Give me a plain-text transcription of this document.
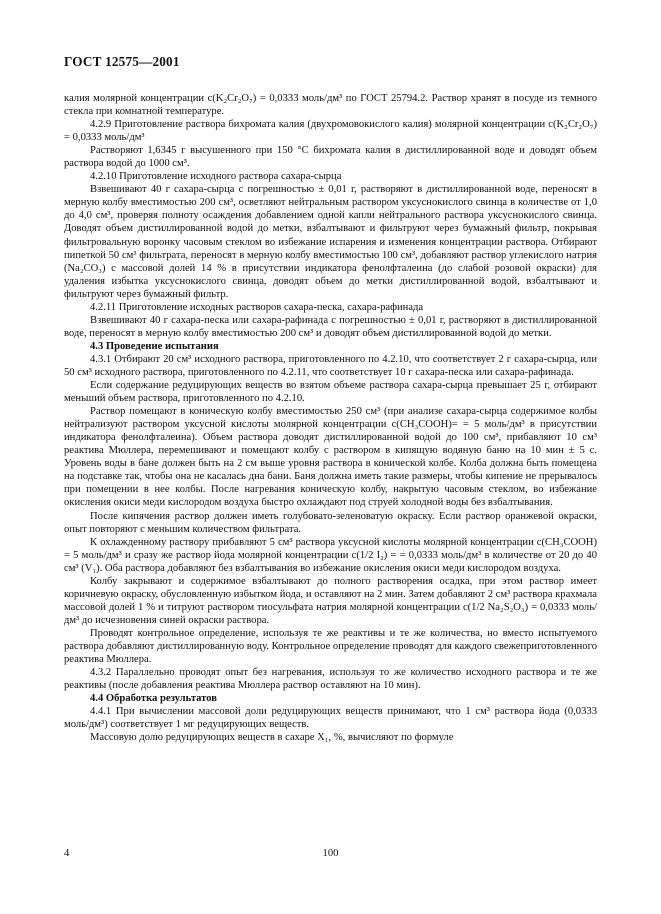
ГОСТ 12575—2001

калия молярной концентрации c(K₂Cr₂O₇) = 0,0333 моль/дм³ по ГОСТ 25794.2. Раствор хранят в посуде из темного стекла при комнатной температуре.

4.2.9 Приготовление раствора бихромата калия (двухромовокислого калия) молярной концентрации c(K₂Cr₂O₇) = 0,0333 моль/дм³

Растворяют 1,6345 г высушенного при 150 °С бихромата калия в дистиллированной воде и доводят объем раствора водой до 1000 см³.

4.2.10 Приготовление исходного раствора сахара-сырца

Взвешивают 40 г сахара-сырца с погрешностью ± 0,01 г, растворяют в дистиллированной воде, переносят в мерную колбу вместимостью 200 см³, осветляют нейтральным раствором уксуснокислого свинца в количестве от 1,0 до 4,0 см³, проверяя полноту осаждения добавлением одной капли нейтрального раствора уксуснокислого свинца. Доводят объем дистиллированной водой до метки, взбалтывают и фильтруют через бумажный фильтр, покрывая фильтровальную воронку часовым стеклом во избежание испарения и изменения концентрации раствора. Отбирают пипеткой 50 см³ фильтрата, переносят в мерную колбу вместимостью 100 см³, добавляют раствор углекислого натрия (Na₂CO₃) с массовой долей 14 % в присутствии индикатора фенолфталеина (до слабой розовой окраски) для удаления избытка уксуснокислого свинца, доводят объем до метки дистиллированной водой, взбалтывают и фильтруют через бумажный фильтр.

4.2.11 Приготовление исходных растворов сахара-песка, сахара-рафинада

Взвешивают 40 г сахара-песка или сахара-рафинада с погрешностью ± 0,01 г, растворяют в дистиллированной воде, переносят в мерную колбу вместимостью 200 см³ и доводят объем дистиллированной водой до метки.

4.3 Проведение испытания

4.3.1 Отбирают 20 см³ исходного раствора, приготовленного по 4.2.10, что соответствует 2 г сахара-сырца, или 50 см³ исходного раствора, приготовленного по 4.2.11, что соответствует 10 г сахара-песка или сахара-рафинада.

Если содержание редуцирующих веществ во взятом объеме раствора сахара-сырца превышает 25 г, отбирают меньший объем раствора, приготовленного по 4.2.10.

Раствор помещают в коническую колбу вместимостью 250 см³ (при анализе сахара-сырца содержимое колбы нейтрализуют раствором уксусной кислоты молярной концентрации c(CH₃COOH)= = 5 моль/дм³ в присутствии индикатора фенолфталеина). Объем раствора доводят дистиллированной водой до 100 см³, прибавляют 10 см³ реактива Мюллера, перемешивают и помещают колбу с раствором в кипящую водяную баню на 10 мин ± 5 с. Уровень воды в бане должен быть на 2 см выше уровня раствора в конической колбе. Колба должна быть помещена на подставке так, чтобы она не касалась дна бани. Баня должна иметь такие размеры, чтобы кипение не прерывалось при помещении в нее колбы. После нагревания коническую колбу, накрытую часовым стеклом, во избежание окисления окиси меди кислородом воздуха быстро охлаждают под струей холодной воды без взбалтывания.

После кипячения раствор должен иметь голубовато-зеленоватую окраску. Если раствор оранжевой окраски, опыт повторяют с меньшим количеством фильтрата.

К охлажденному раствору прибавляют 5 см³ раствора уксусной кислоты молярной концентрации c(CH₃COOH) = 5 моль/дм³ и сразу же раствор йода молярной концентрации c(1/2 I₂) = = 0,0333 моль/дм³ в количестве от 20 до 40 см³ (V₁). Оба раствора добавляют без взбалтывания во избежание окисления окиси меди кислородом воздуха.

Колбу закрывают и содержимое взбалтывают до полного растворения осадка, при этом раствор имеет коричневую окраску, обусловленную избытком йода, и оставляют на 2 мин. Затем добавляют 2 см³ раствора крахмала массовой долей 1 % и титруют раствором тиосульфата натрия молярной концентрации c(1/2 Na₂S₂O₃) = 0,0333 моль/дм³ до исчезновения синей окраски раствора.

Проводят контрольное определение, используя те же реактивы и те же количества, но вместо испытуемого раствора добавляют дистиллированную воду. Контрольное определение проводят для каждого свежеприготовленного реактива Мюллера.

4.3.2 Параллельно проводят опыт без нагревания, используя то же количество исходного раствора и те же реактивы (после добавления реактива Мюллера раствор оставляют на 10 мин).

4.4 Обработка результатов

4.4.1 При вычислении массовой доли редуцирующих веществ принимают, что 1 см³ раствора йода (0,0333 моль/дм³) соответствует 1 мг редуцирующих веществ.

Массовую долю редуцирующих веществ в сахаре X₁, %, вычисляют по формуле

100
4
